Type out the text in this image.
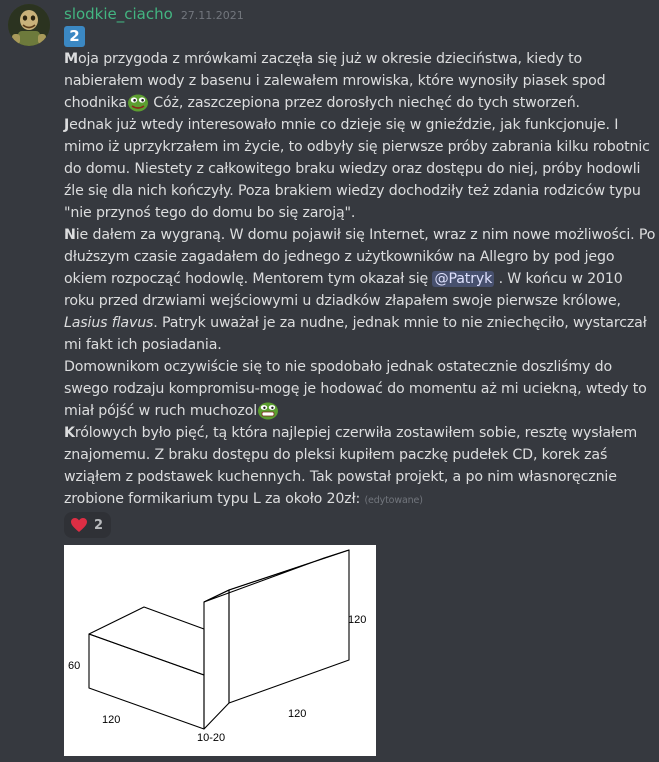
slodkie_ciacho 27.11.2021
2

Moja przygoda z mrówkami zaczęła się już w okresie dzieciństwa, kiedy to nabierałem wody z basenu i zalewałem mrowiska, które wynosiły piasek spod chodnika Cóż, zaszczepiona przez dorosłych niechęć do tych stworzeń.

Jednak już wtedy interesowało mnie co dzieje się w gnieździe, jak funkcjonuje. I mimo iż uprzykrzałem im życie, to odbyły się pierwsze próby zabrania kilku robotnic do domu. Niestety z całkowitego braku wiedzy oraz dostępu do niej, próby hodowli źle się dla nich kończyły. Poza brakiem wiedzy dochodziły też zdania rodziców typu "nie przynoś tego do domu bo się zaroją".

Nie dałem za wygraną. W domu pojawił się Internet, wraz z nim nowe możliwości. Po dłuższym czasie zagadałem do jednego z użytkowników na Allegro by pod jego okiem rozpocząć hodowlę. Mentorem tym okazał się @Patryk . W końcu w 2010 roku przed drzwiami wejściowymi u dziadków złapałem swoje pierwsze królowe, Lasius flavus. Patryk uważał je za nudne, jednak mnie to nie zniechęciło, wystarczał mi fakt ich posiadania.

Domownikom oczywiście się to nie spodobało jednak ostatecznie doszliśmy do swego rodzaju kompromisu-mogę je hodować do momentu aż mi uciekną, wtedy to miał pójść w ruch muchozol

Królowych było pięć, tą która najlepiej czerwiła zostawiłem sobie, resztę wysłałem znajomemu. Z braku dostępu do pleksi kupiłem paczkę pudełek CD, korek zaś wziąłem z podstawek kuchennych. Tak powstał projekt, a po nim własnoręcznie zrobione formikarium typu L za około 20zł: (edytowane)

2
60
120
120	120
10-20
